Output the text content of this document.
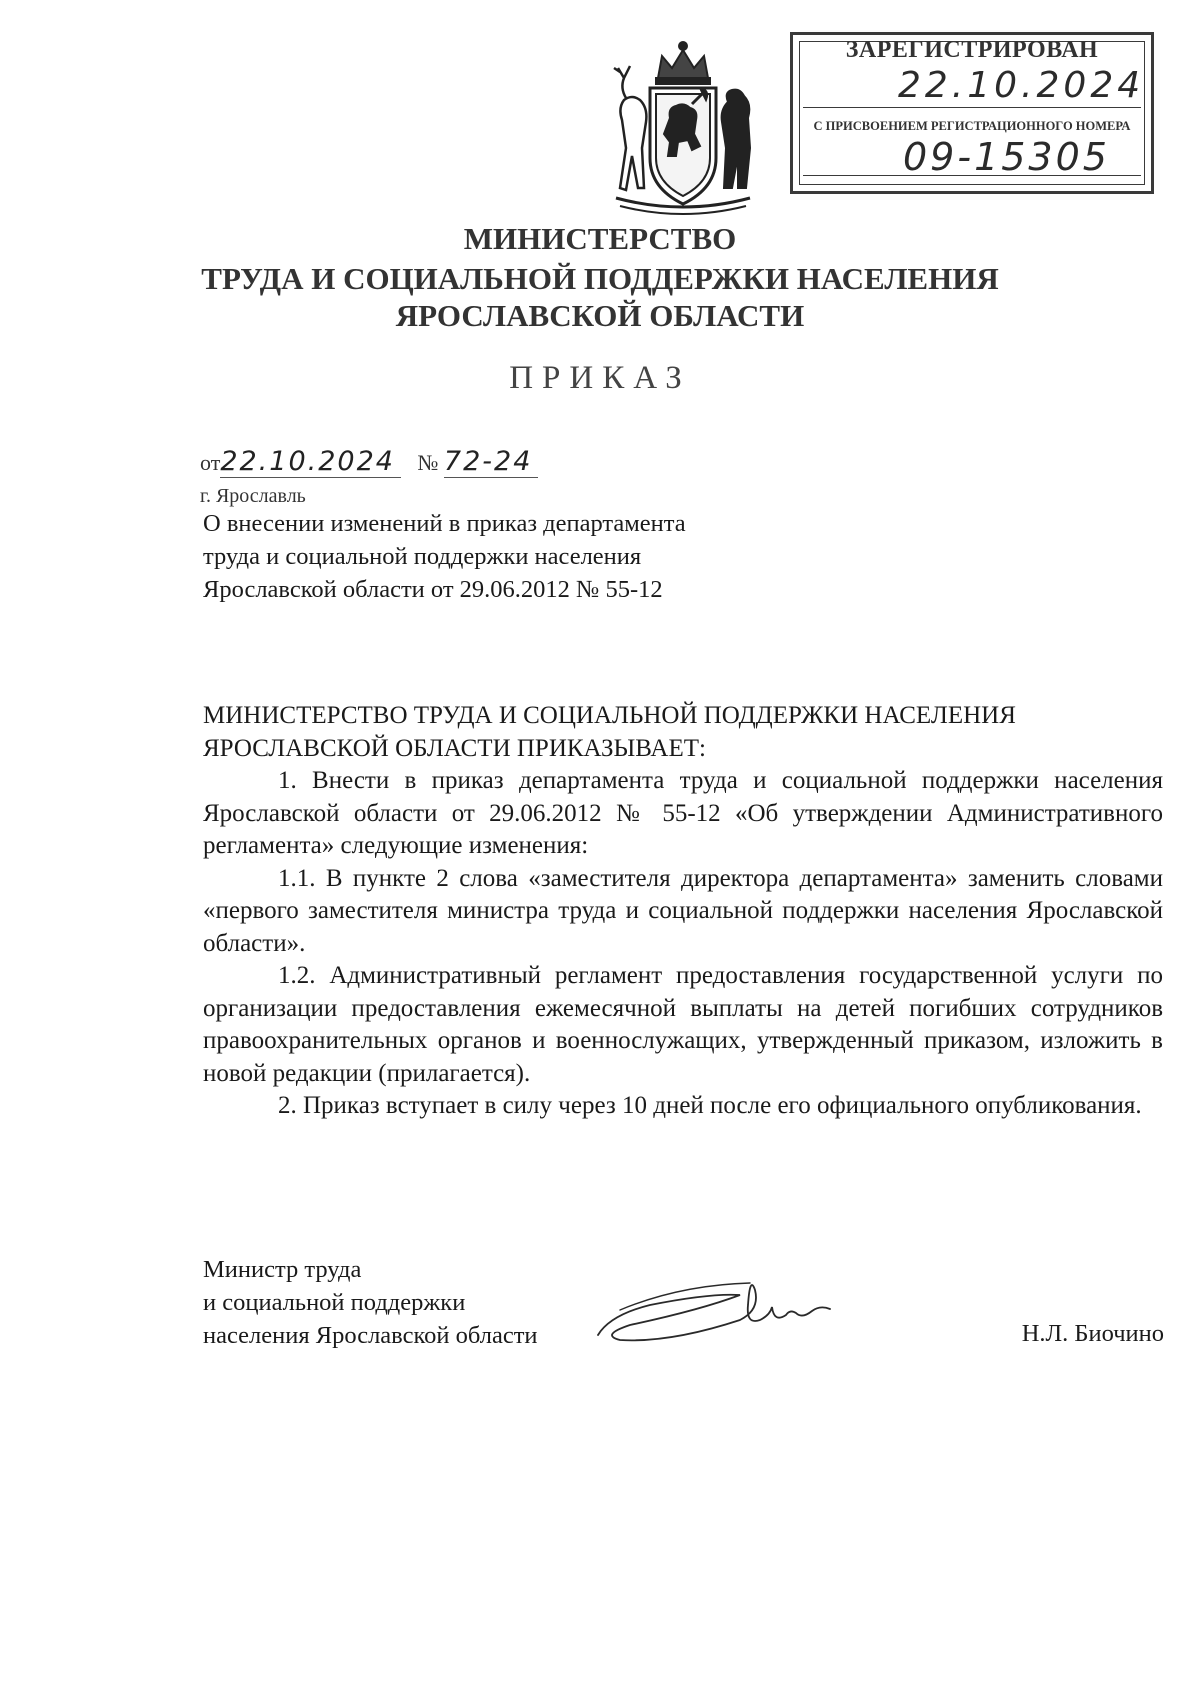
ЗАРЕГИСТРИРОВАН
22.10.2024
С ПРИСВОЕНИЕМ РЕГИСТРАЦИОННОГО НОМЕРА
09-15305
МИНИСТЕРСТВО
ТРУДА И СОЦИАЛЬНОЙ ПОДДЕРЖКИ НАСЕЛЕНИЯ
ЯРОСЛАВСКОЙ ОБЛАСТИ
ПРИКАЗ
от22.10.2024 № 72-24
г. Ярославль
О внесении изменений в приказ департамента труда и социальной поддержки населения Ярославской области от 29.06.2012 № 55-12
МИНИСТЕРСТВО ТРУДА И СОЦИАЛЬНОЙ ПОДДЕРЖКИ НАСЕЛЕНИЯ ЯРОСЛАВСКОЙ ОБЛАСТИ ПРИКАЗЫВАЕТ:

1. Внести в приказ департамента труда и социальной поддержки населения Ярославской области от 29.06.2012 № 55-12 «Об утверждении Административного регламента» следующие изменения:

1.1. В пункте 2 слова «заместителя директора департамента» заменить словами «первого заместителя министра труда и социальной поддержки населения Ярославской области».

1.2. Административный регламент предоставления государственной услуги по организации предоставления ежемесячной выплаты на детей погибших сотрудников правоохранительных органов и военнослужащих, утвержденный приказом, изложить в новой редакции (прилагается).

2. Приказ вступает в силу через 10 дней после его официального опубликования.

Министр труда
и социальной поддержки
населения Ярославской области	Н.Л. Биочино
